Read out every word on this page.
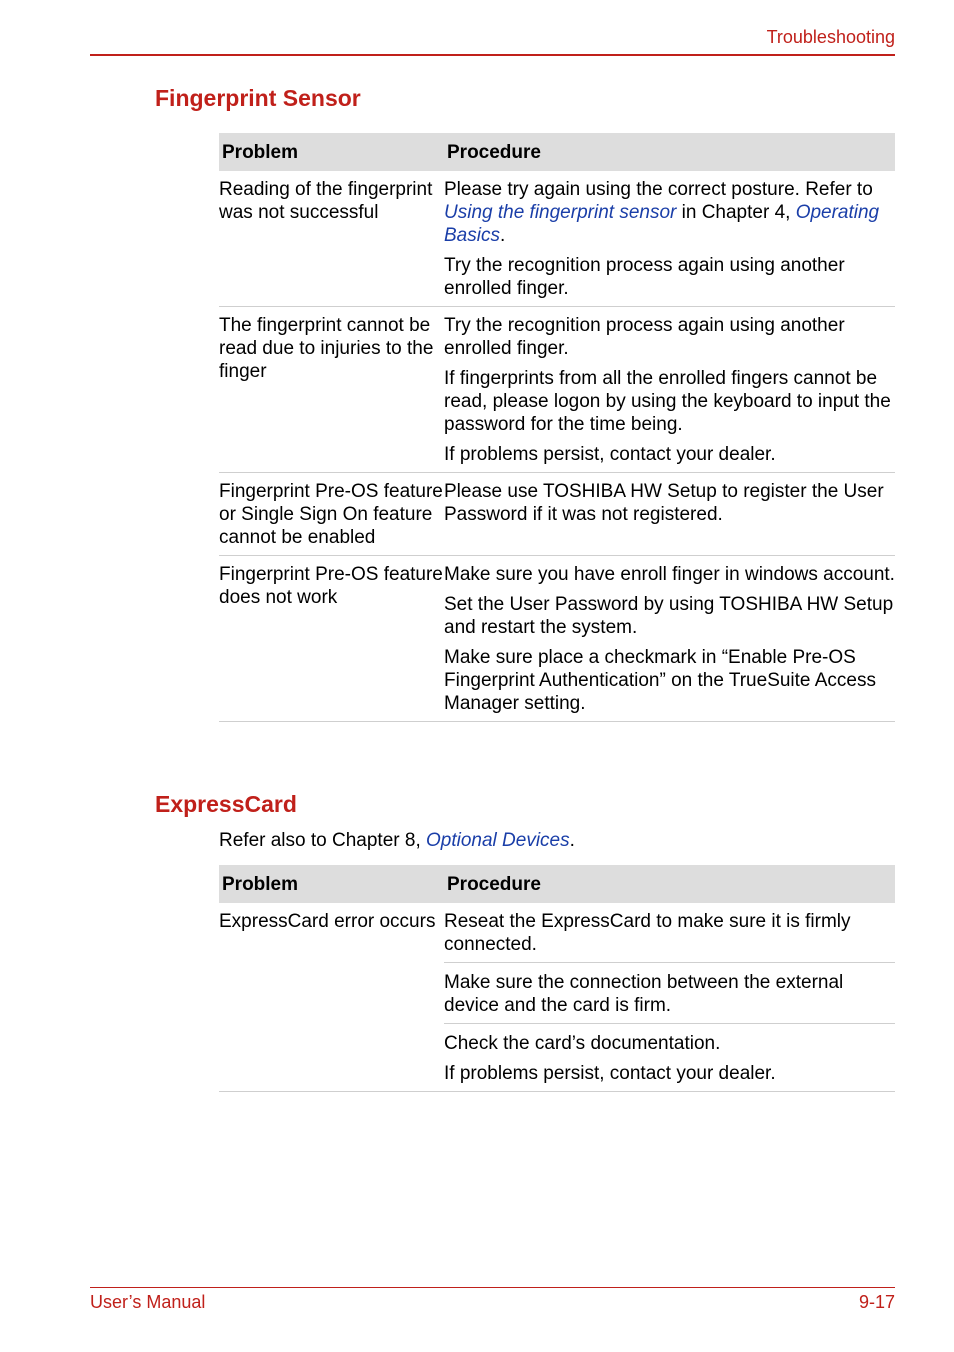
Troubleshooting
Fingerprint Sensor
Problem	Procedure
Reading of the fingerprint was not successful	Please try again using the correct posture. Refer to Using the fingerprint sensor in Chapter 4, Operating Basics.

Try the recognition process again using another enrolled finger.

The fingerprint cannot be read due to injuries to the finger	Try the recognition process again using another enrolled finger.

If fingerprints from all the enrolled fingers cannot be read, please logon by using the keyboard to input the password for the time being.

If problems persist, contact your dealer.

Fingerprint Pre-OS feature or Single Sign On feature cannot be enabled	Please use TOSHIBA HW Setup to register the User Password if it was not registered.

Fingerprint Pre-OS feature does not work	Make sure you have enroll finger in windows account.

Set the User Password by using TOSHIBA HW Setup and restart the system.

Make sure place a checkmark in “Enable Pre-OS Fingerprint Authentication” on the TrueSuite Access Manager setting.

ExpressCard
Refer also to Chapter 8, Optional Devices.
Problem	Procedure
ExpressCard error occurs	Reseat the ExpressCard to make sure it is firmly connected.

	Make sure the connection between the external device and the card is firm.

	Check the card’s documentation.

If problems persist, contact your dealer.

User’s Manual	9-17
